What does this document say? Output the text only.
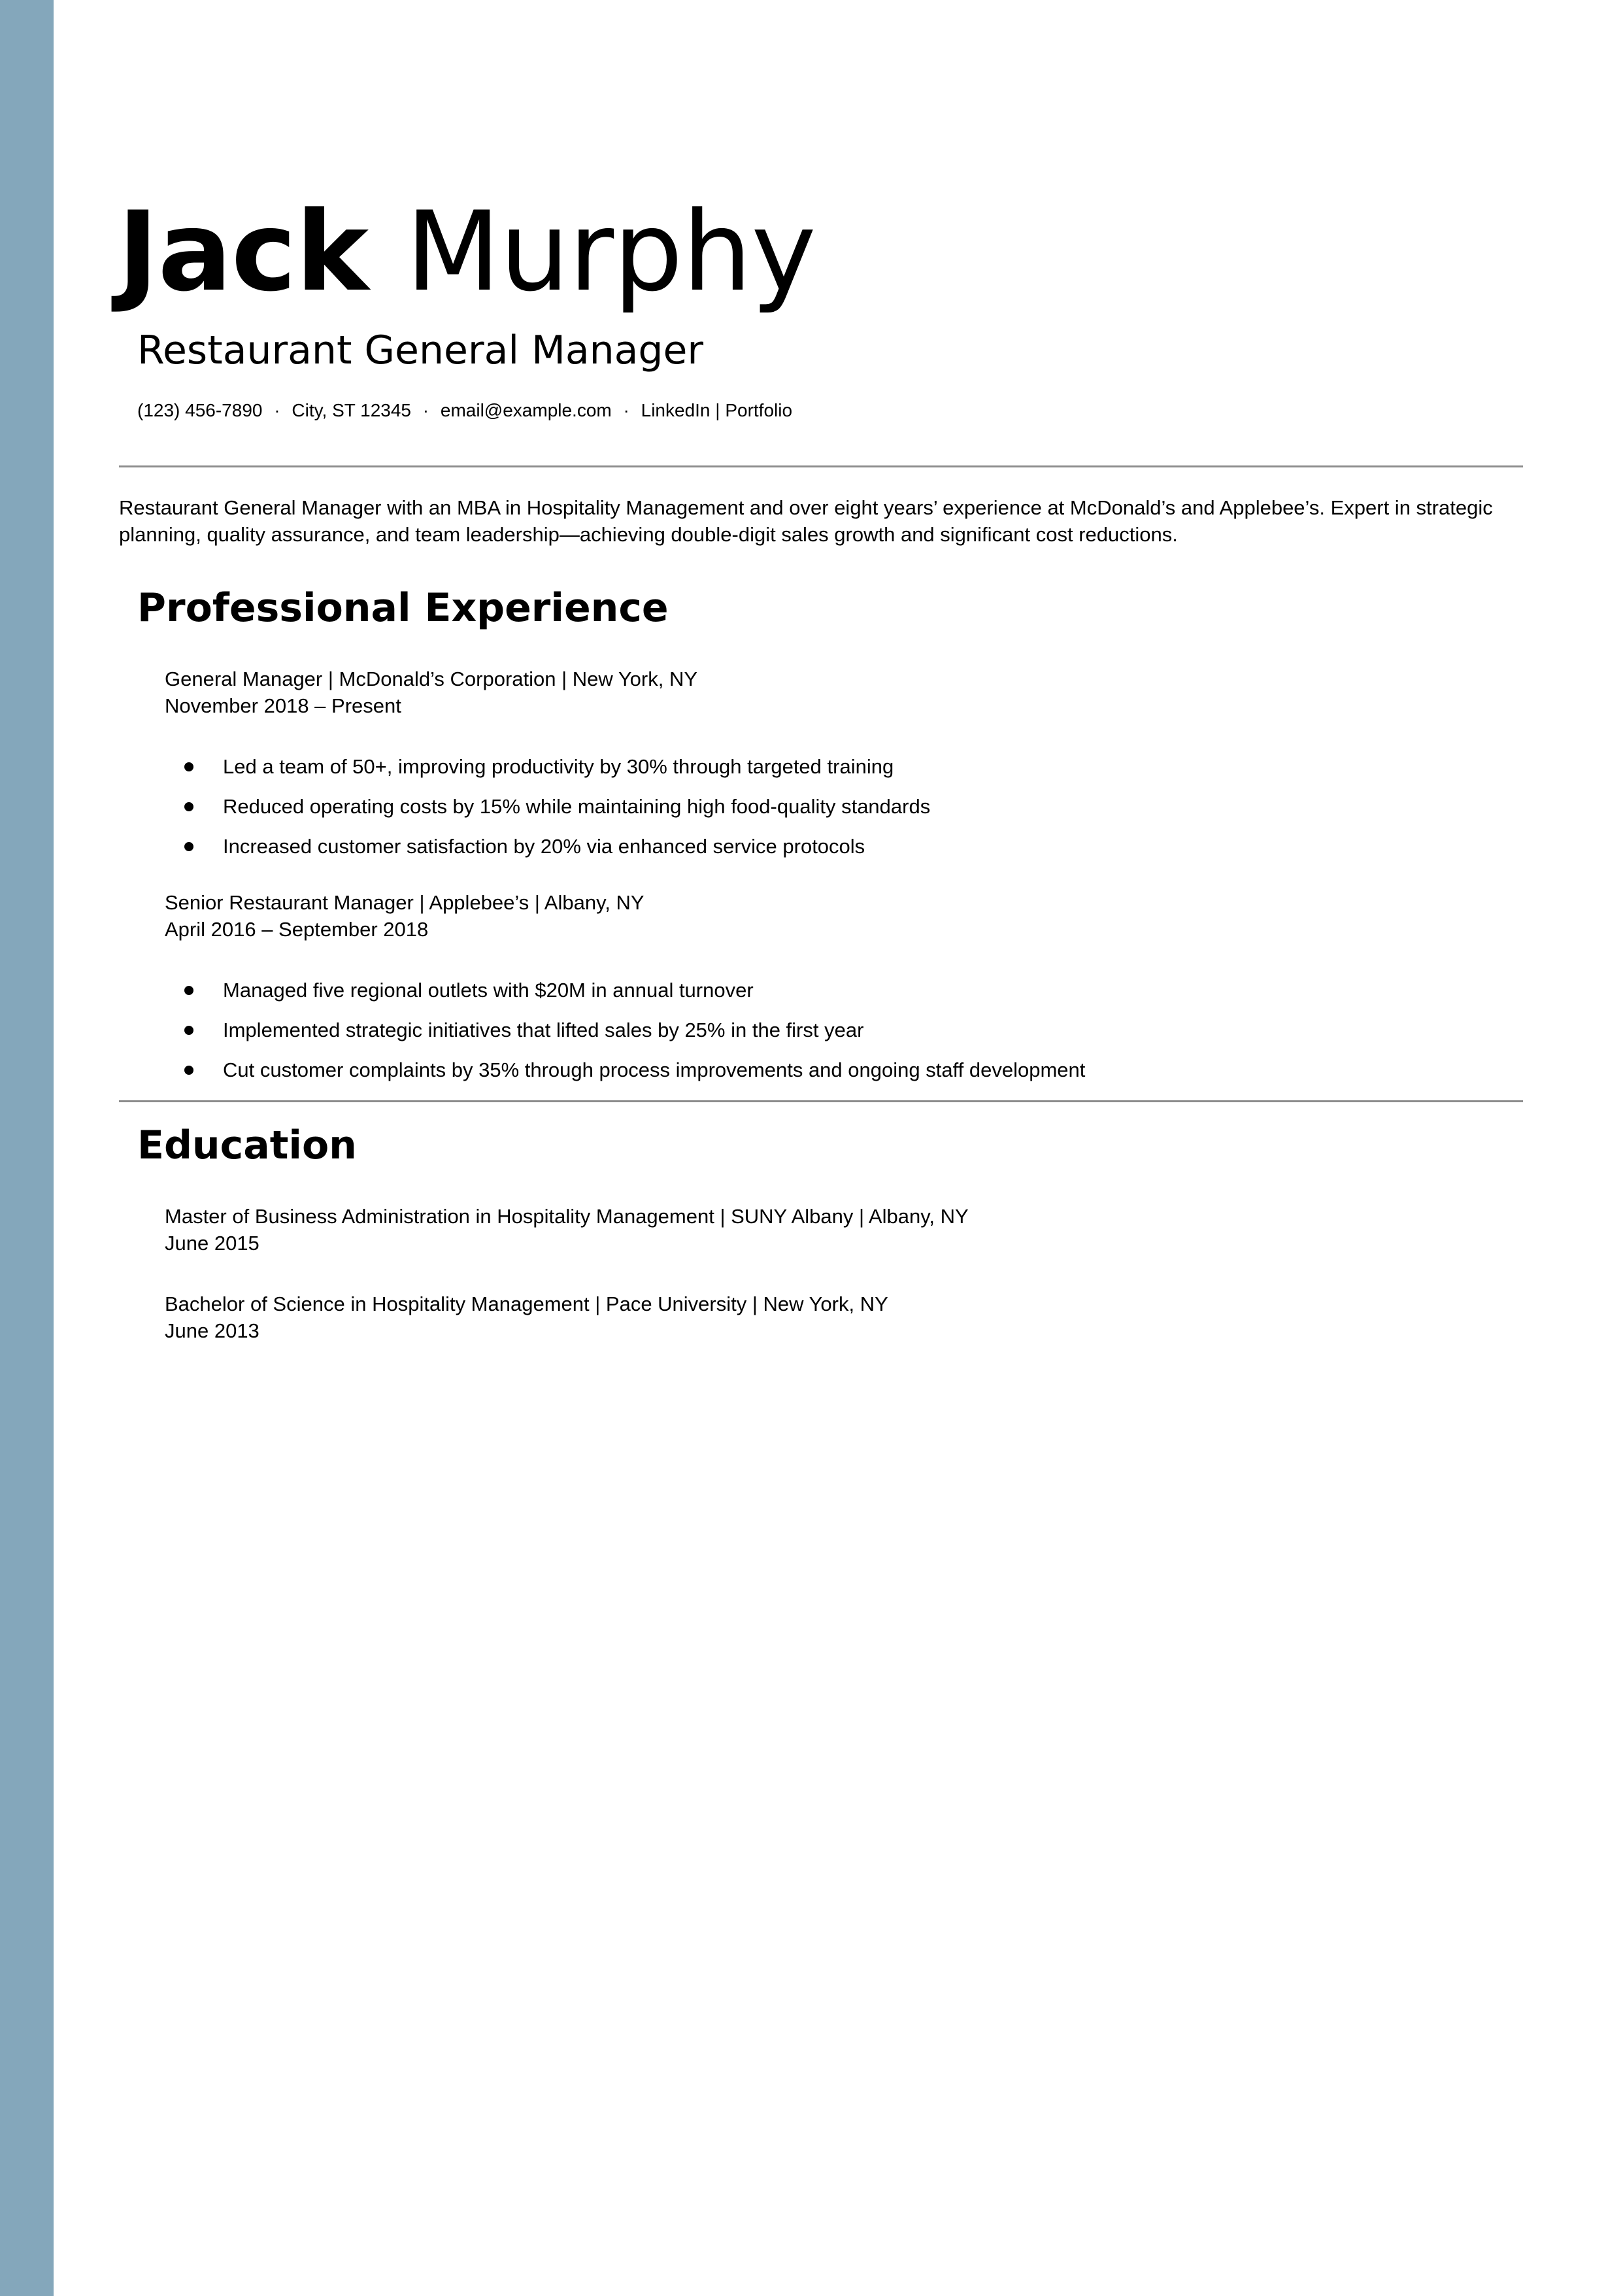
Jack Murphy
Restaurant General Manager
(123) 456-7890 · City, ST 12345 · email@example.com · LinkedIn | Portfolio

Restaurant General Manager with an MBA in Hospitality Management and over eight years’ experience at McDonald’s and Applebee’s. Expert in strategic planning, quality assurance, and team leadership—achieving double-digit sales growth and significant cost reductions.

Professional Experience
General Manager | McDonald’s Corporation | New York, NY
November 2018 – Present
Led a team of 50+, improving productivity by 30% through targeted training
Reduced operating costs by 15% while maintaining high food-quality standards
Increased customer satisfaction by 20% via enhanced service protocols
Senior Restaurant Manager | Applebee’s | Albany, NY
April 2016 – September 2018
Managed five regional outlets with $20M in annual turnover
Implemented strategic initiatives that lifted sales by 25% in the first year
Cut customer complaints by 35% through process improvements and ongoing staff development
Education
Master of Business Administration in Hospitality Management | SUNY Albany | Albany, NY
June 2015
Bachelor of Science in Hospitality Management | Pace University | New York, NY
June 2013
